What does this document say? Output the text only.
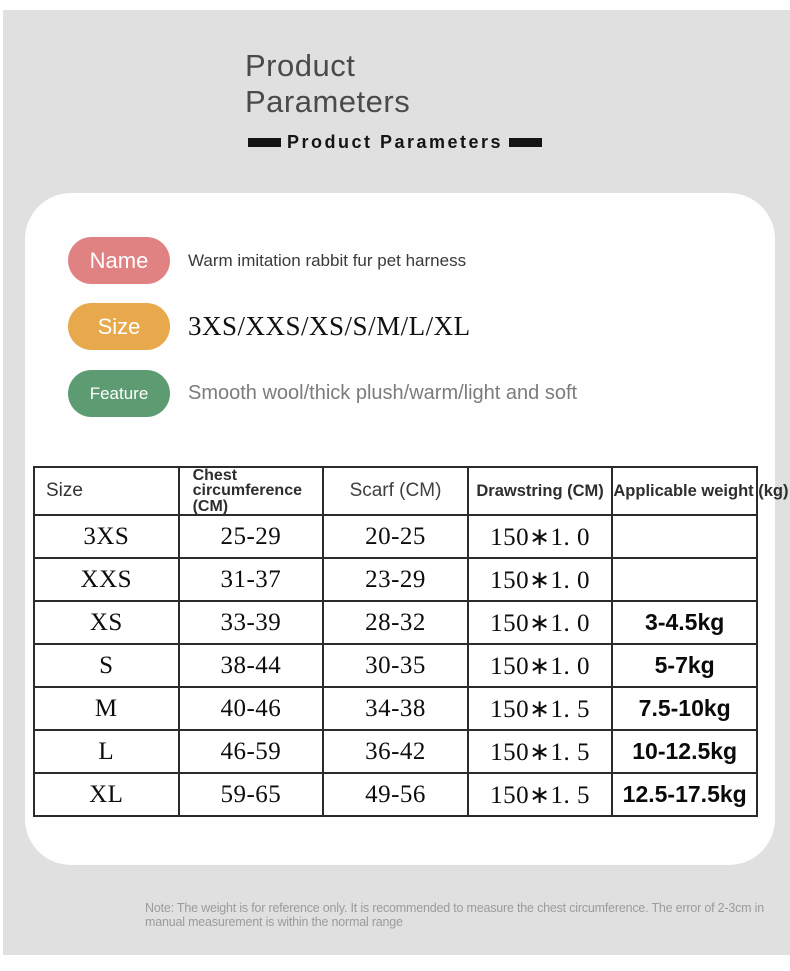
Product
Parameters
Product Parameters
Name Warm imitation rabbit fur pet harness
Size 3XS/XXS/XS/S/M/L/XL
Feature Smooth wool/thick plush/warm/light and soft
Size	Chest circumference (CM)	Scarf (CM)	Drawstring (CM)	Applicable weight (kg)
3XS	25-29	20-25	150∗1. 0	
XXS	31-37	23-29	150∗1. 0	
XS	33-39	28-32	150∗1. 0	3-4.5kg
S	38-44	30-35	150∗1. 0	5-7kg
M	40-46	34-38	150∗1. 5	7.5-10kg
L	46-59	36-42	150∗1. 5	10-12.5kg
XL	59-65	49-56	150∗1. 5	12.5-17.5kg
Note: The weight is for reference only. It is recommended to measure the chest circumference. The error of 2-3cm in manual measurement is within the normal range
